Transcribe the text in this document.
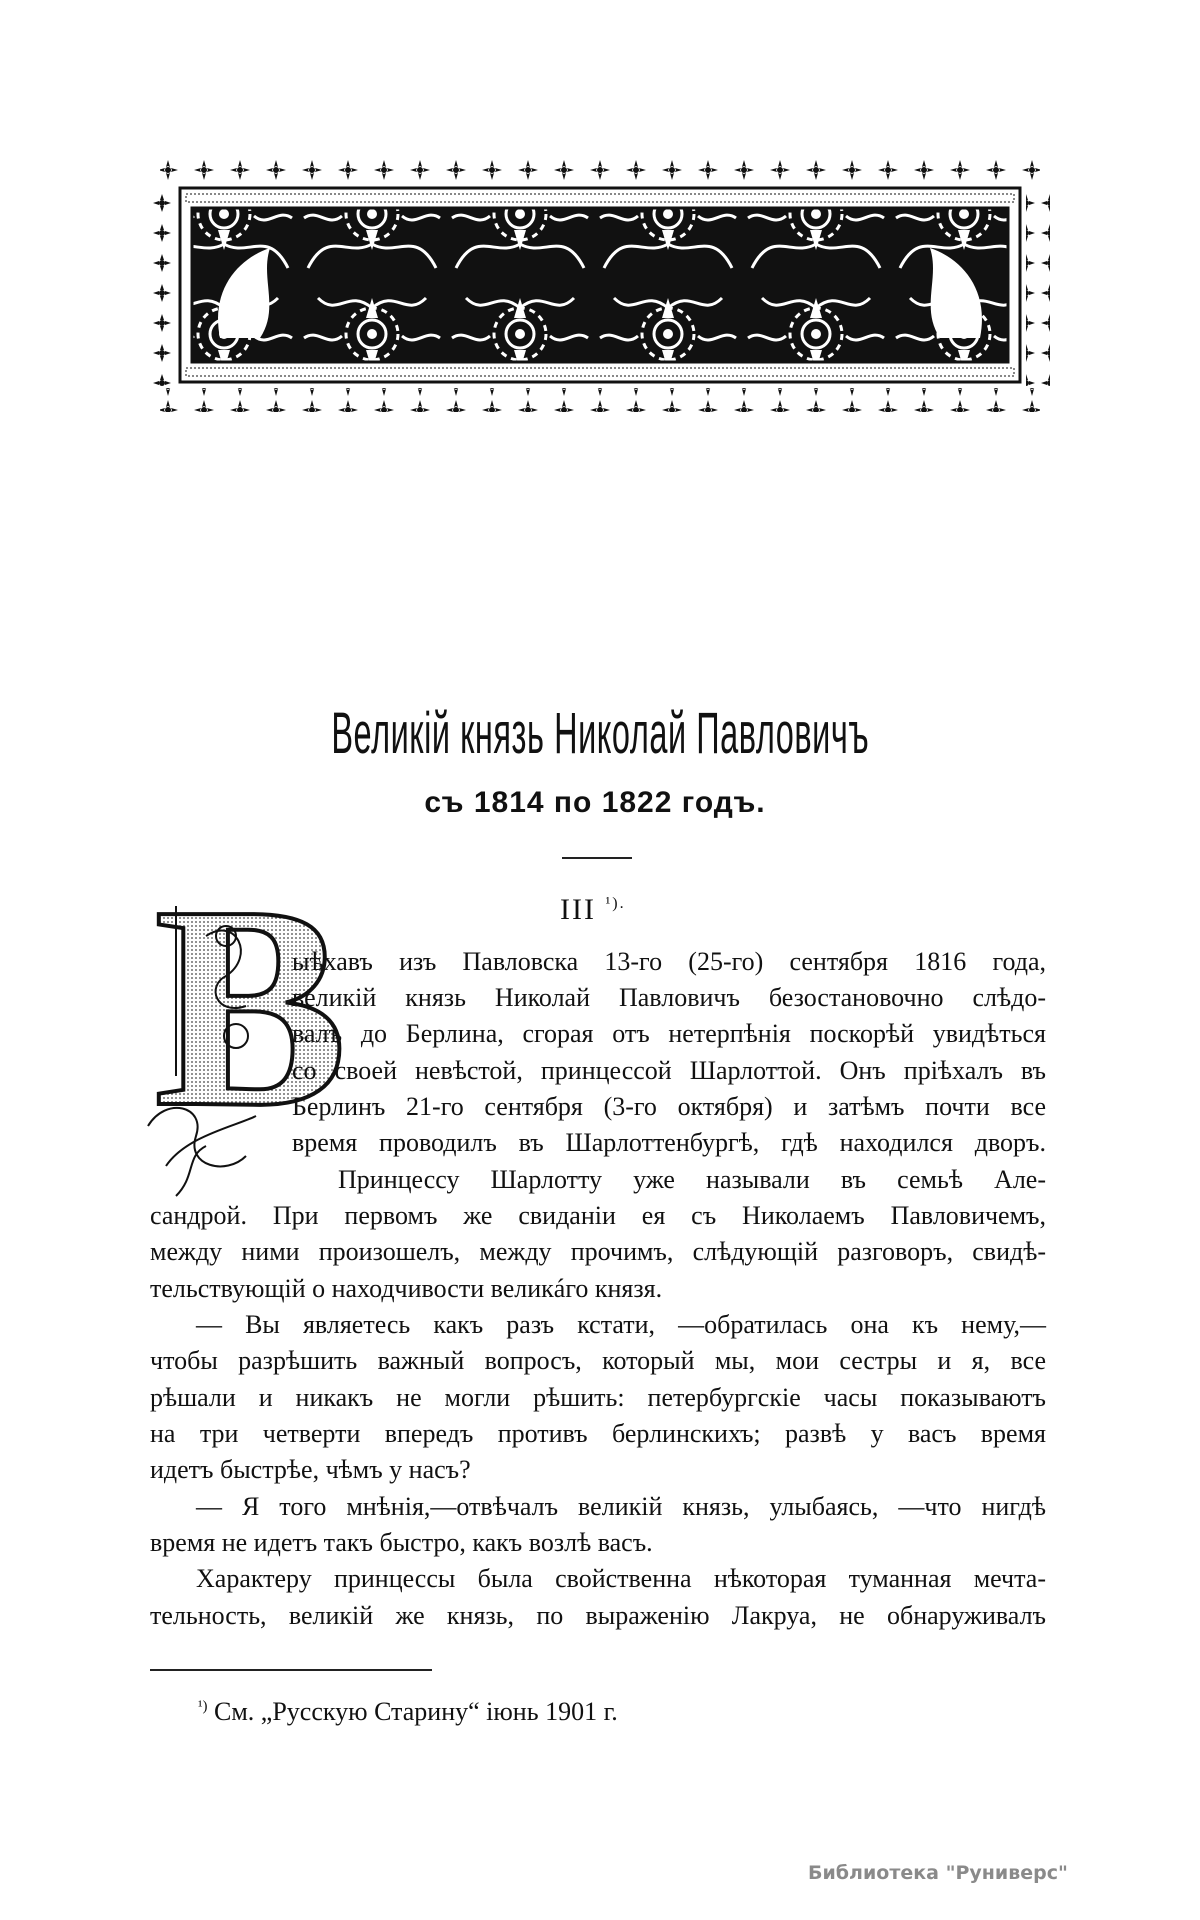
Великій князь Николай Павловичъ
съ 1814 по 1822 годъ.
III $^{^1).}$
В
ыѣхавъ изъ Павловска 13-го (25-го) сентября 1816 года,
великій князь Николай Павловичъ безостановочно слѣдо-
валъ до Берлина, сгорая отъ нетерпѣнія поскорѣй увидѣться
со своей невѣстой, принцессой Шарлоттой. Онъ пріѣхалъ въ
Берлинъ 21-го сентября (3-го октября) и затѣмъ почти все
время проводилъ въ Шарлоттенбургѣ, гдѣ находился дворъ.
Принцессу Шарлотту уже называли въ семьѣ Але-
сандрой. При первомъ же свиданіи ея съ Николаемъ Павловичемъ,
между ними произошелъ, между прочимъ, слѣдующій разговоръ, свидѣ-
тельствующій о находчивости великáго князя.
— Вы являетесь какъ разъ кстати, —обратилась она къ нему,—
чтобы разрѣшить важный вопросъ, который мы, мои сестры и я, все
рѣшали и никакъ не могли рѣшить: петербургскіе часы показываютъ
на три четверти впередъ противъ берлинскихъ; развѣ у васъ время
идетъ быстрѣе, чѣмъ у насъ?
— Я того мнѣнія,—отвѣчалъ великій князь, улыбаясь, —что нигдѣ
время не идетъ такъ быстро, какъ возлѣ васъ.
Характеру принцессы была свойственна нѣкоторая туманная мечта-
тельность, великій же князь, по выраженію Лакруа, не обнаруживалъ
$^{^1)}$ См. „Русскую Старину“ іюнь 1901 г.
Библиотека "Руниверс"
